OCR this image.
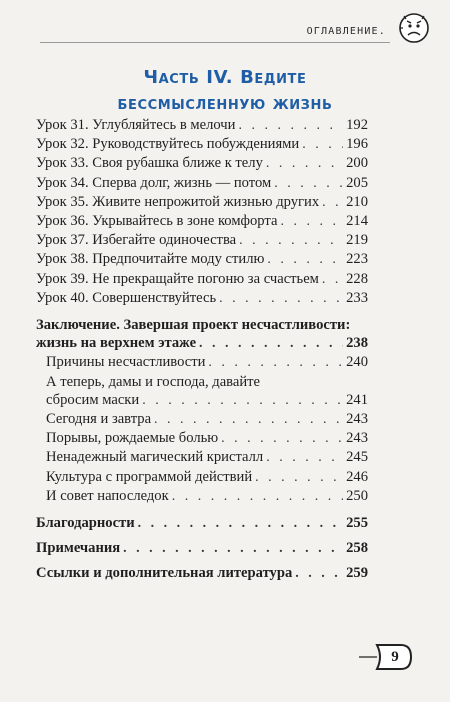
ОГЛАВЛЕНИЕ.
Часть IV. Ведите
бессмысленную жизнь
Урок 31. Углубляйтесь в мелочи . . .	192
Урок 32. Руководствуйтесь побуждениями . . .	196
Урок 33. Своя рубашка ближе к телу . . .	200
Урок 34. Сперва долг, жизнь — потом . . .	205
Урок 35. Живите непрожитой жизнью других . . . 210
Урок 36. Укрывайтесь в зоне комфорта . . .	214
Урок 37. Избегайте одиночества . . .	219
Урок 38. Предпочитайте моду стилю . . .	223
Урок 39. Не прекращайте погоню за счастьем . . . 228
Урок 40. Совершенствуйтесь . . .	233
Заключение. Завершая проект несчастливости:
жизнь на верхнем этаже . . .	238
Причины несчастливости . . .	240
А теперь, дамы и господа, давайте
сбросим маски . . .	241
Сегодня и завтра . . .	243
Порывы, рождаемые болью . . .	243
Ненадежный магический кристалл . . .	245
Культура с программой действий . . .	246
И совет напоследок . . .	250
Благодарности . . .	255
Примечания . . .	258
Ссылки и дополнительная литература . . .	259
9
